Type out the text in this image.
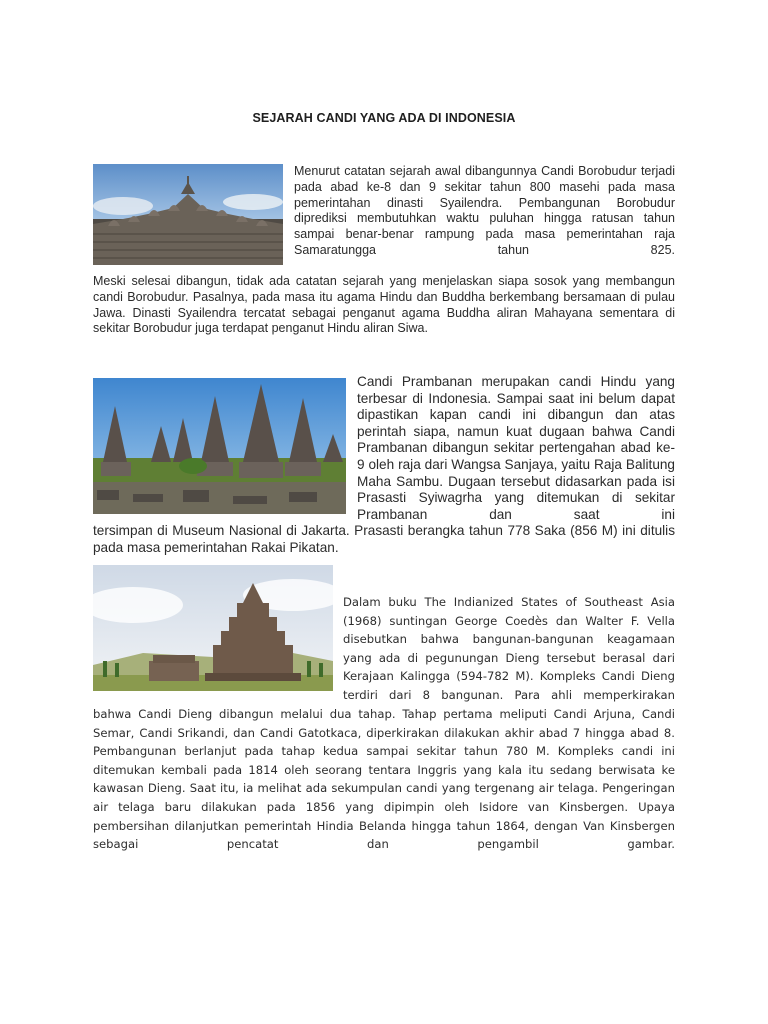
SEJARAH CANDI YANG ADA DI INDONESIA

Menurut catatan sejarah awal dibangunnya Candi Borobudur terjadi pada abad ke-8 dan 9 sekitar tahun 800 masehi pada masa pemerintahan dinasti Syailendra. Pembangunan Borobudur diprediksi membutuhkan waktu puluhan hingga ratusan tahun sampai benar-benar rampung pada masa pemerintahan raja Samaratungga tahun 825.

Meski selesai dibangun, tidak ada catatan sejarah yang menjelaskan siapa sosok yang membangun candi Borobudur. Pasalnya, pada masa itu agama Hindu dan Buddha berkembang bersamaan di pulau Jawa. Dinasti Syailendra tercatat sebagai penganut agama Buddha aliran Mahayana sementara di sekitar Borobudur juga terdapat penganut Hindu aliran Siwa.

Candi Prambanan merupakan candi Hindu yang terbesar di Indonesia. Sampai saat ini belum dapat dipastikan kapan candi ini dibangun dan atas perintah siapa, namun kuat dugaan bahwa Candi Prambanan dibangun sekitar pertengahan abad ke-9 oleh raja dari Wangsa Sanjaya, yaitu Raja Balitung Maha Sambu. Dugaan tersebut didasarkan pada isi Prasasti Syiwagrha yang ditemukan di sekitar Prambanan dan saat ini

tersimpan di Museum Nasional di Jakarta. Prasasti berangka tahun 778 Saka (856 M) ini ditulis pada masa pemerintahan Rakai Pikatan.

Dalam buku The Indianized States of Southeast Asia (1968) suntingan George Coedès dan Walter F. Vella disebutkan bahwa bangunan-bangunan keagamaan yang ada di pegunungan Dieng tersebut berasal dari Kerajaan Kalingga (594-782 M). Kompleks Candi Dieng terdiri dari 8 bangunan. Para ahli memperkirakan

bahwa Candi Dieng dibangun melalui dua tahap. Tahap pertama meliputi Candi Arjuna, Candi Semar, Candi Srikandi, dan Candi Gatotkaca, diperkirakan dilakukan akhir abad 7 hingga abad 8. Pembangunan berlanjut pada tahap kedua sampai sekitar tahun 780 M. Kompleks candi ini ditemukan kembali pada 1814 oleh seorang tentara Inggris yang kala itu sedang berwisata ke kawasan Dieng. Saat itu, ia melihat ada sekumpulan candi yang tergenang air telaga. Pengeringan air telaga baru dilakukan pada 1856 yang dipimpin oleh Isidore van Kinsbergen. Upaya pembersihan dilanjutkan pemerintah Hindia Belanda hingga tahun 1864, dengan Van Kinsbergen sebagai pencatat dan pengambil gambar.
